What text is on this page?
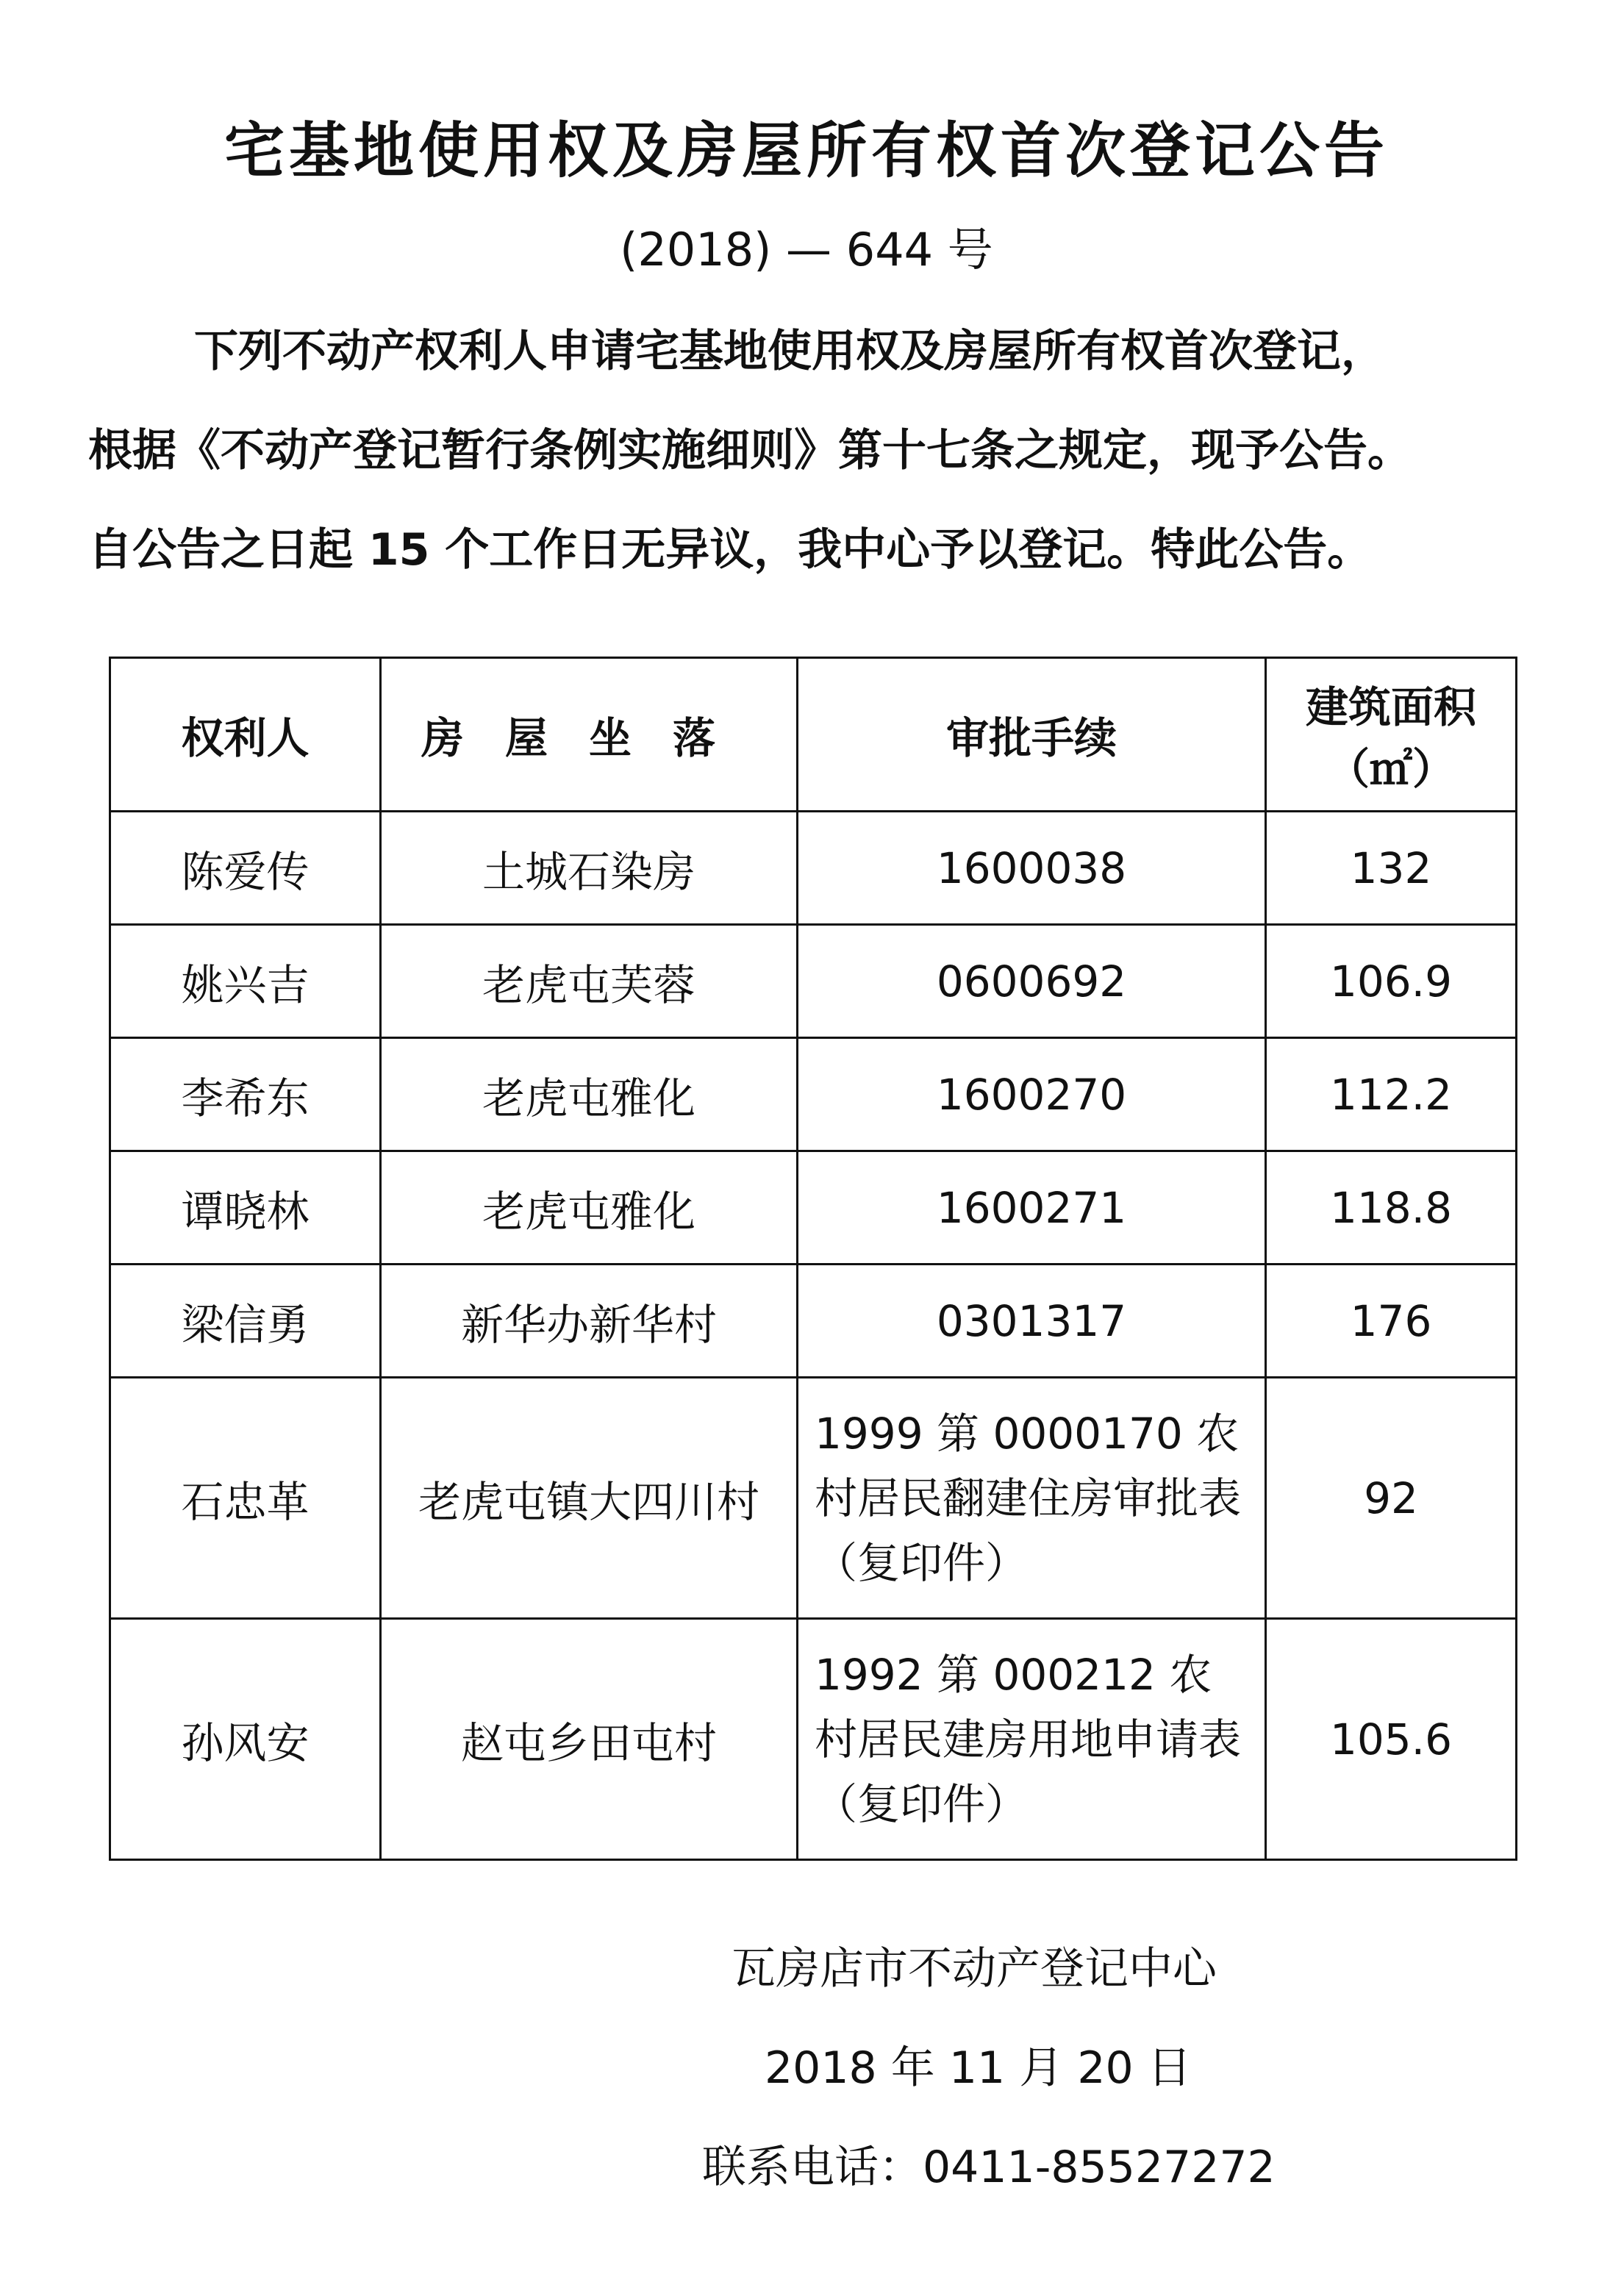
宅基地使用权及房屋所有权首次登记公告
(2018) — 644 号
下列不动产权利人申请宅基地使用权及房屋所有权首次登记，
根据《不动产登记暂行条例实施细则》第十七条之规定，现予公告。
自公告之日起 15 个工作日无异议，我中心予以登记。特此公告。
权利人	房屋坐落	审批手续	建筑面积
（㎡）

陈爱传	土城石染房	1600038	132
姚兴吉	老虎屯芙蓉	0600692	106.9
李希东	老虎屯雅化	1600270	112.2
谭晓林	老虎屯雅化	1600271	118.8
梁信勇	新华办新华村	0301317	176
石忠革	老虎屯镇大四川村	1999 第 0000170 农村居民翻建住房审批表（复印件）	92
孙风安	赵屯乡田屯村	1992 第 000212 农村居民建房用地申请表（复印件）	105.6
瓦房店市不动产登记中心
2018 年 11 月 20 日
联系电话：0411-85527272
